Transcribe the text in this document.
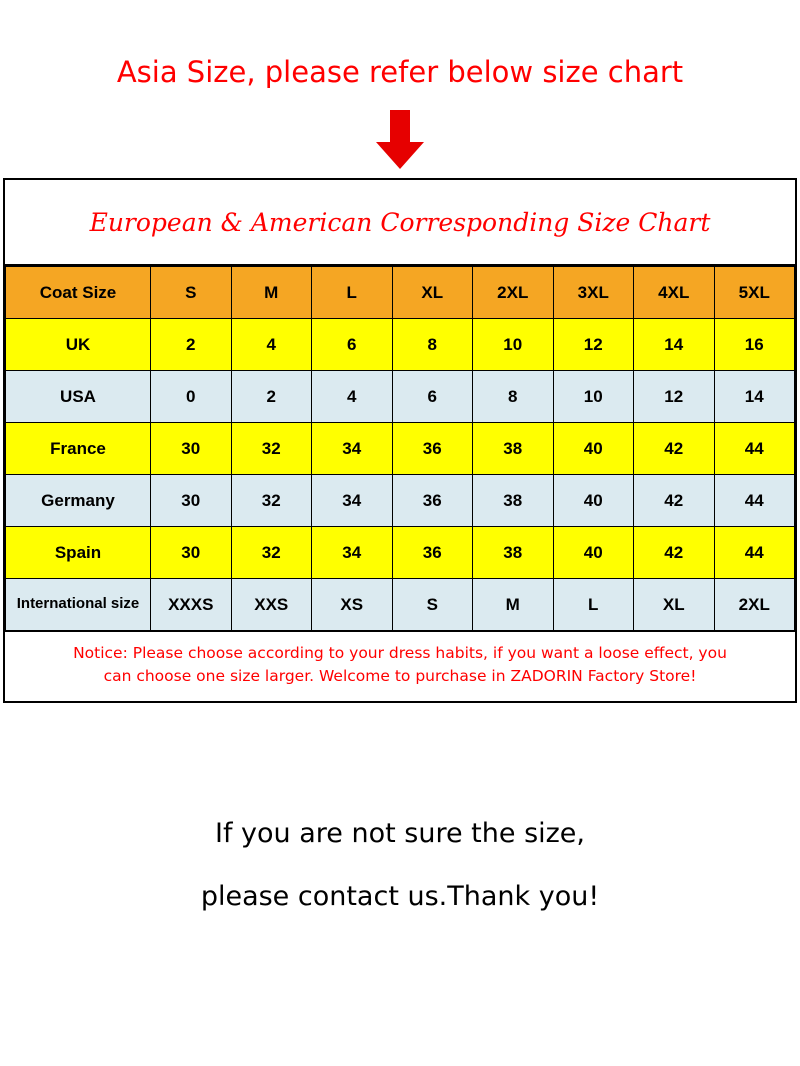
Asia Size, please refer below size chart
European & American Corresponding Size Chart
Coat Size	S	M	L	XL	2XL	3XL	4XL	5XL
UK	2	4	6	8	10	12	14	16
USA	0	2	4	6	8	10	12	14
France	30	32	34	36	38	40	42	44
Germany	30	32	34	36	38	40	42	44
Spain	30	32	34	36	38	40	42	44
International size	XXXS	XXS	XS	S	M	L	XL	2XL
Notice: Please choose according to your dress habits, if you want a loose effect, you
can choose one size larger. Welcome to purchase in ZADORIN Factory Store!
If you are not sure the size,
please contact us.Thank you!
